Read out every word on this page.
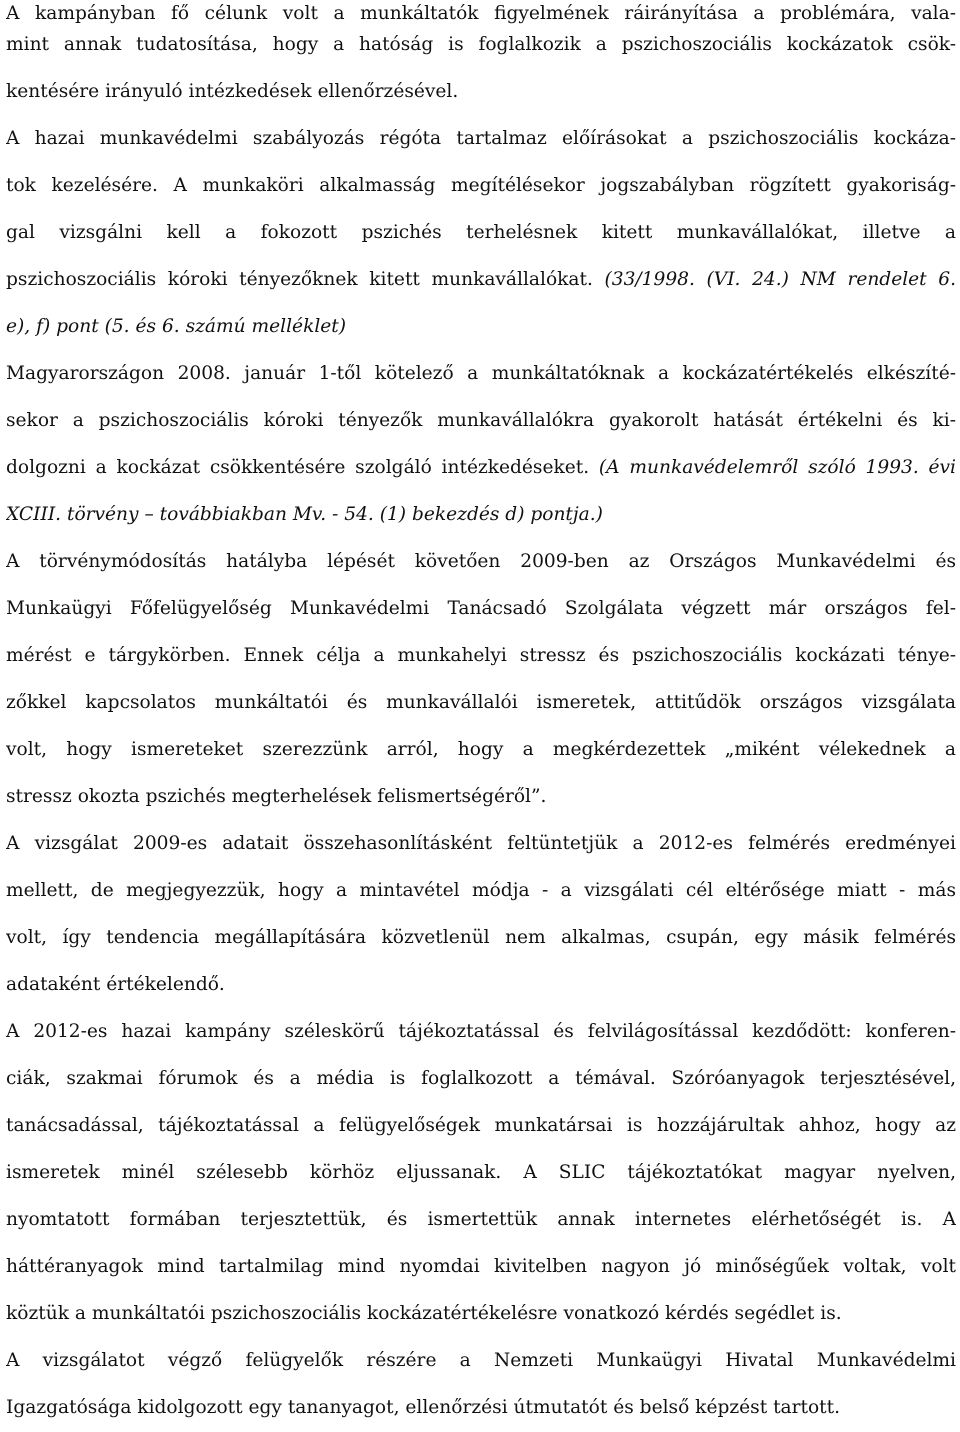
A kampányban fő célunk volt a munkáltatók figyelmének ráirányítása a problémára, vala-
mint annak tudatosítása, hogy a hatóság is foglalkozik a pszichoszociális kockázatok csök-
kentésére irányuló intézkedések ellenőrzésével.
A hazai munkavédelmi szabályozás régóta tartalmaz előírásokat a pszichoszociális kockáza-
tok kezelésére. A munkaköri alkalmasság megítélésekor jogszabályban rögzített gyakoriság-
gal vizsgálni kell a fokozott pszichés terhelésnek kitett munkavállalókat, illetve a
pszichoszociális kóroki tényezőknek kitett munkavállalókat. (33/1998. (VI. 24.) NM rendelet 6.
e), f) pont (5. és 6. számú melléklet)
Magyarországon 2008. január 1-től kötelező a munkáltatóknak a kockázatértékelés elkészíté-
sekor a pszichoszociális kóroki tényezők munkavállalókra gyakorolt hatását értékelni és ki-
dolgozni a kockázat csökkentésére szolgáló intézkedéseket. (A munkavédelemről szóló 1993. évi
XCIII. törvény – továbbiakban Mv. - 54. (1) bekezdés d) pontja.)
A törvénymódosítás hatályba lépését követően 2009-ben az Országos Munkavédelmi és
Munkaügyi Főfelügyelőség Munkavédelmi Tanácsadó Szolgálata végzett már országos fel-
mérést e tárgykörben. Ennek célja a munkahelyi stressz és pszichoszociális kockázati ténye-
zőkkel kapcsolatos munkáltatói és munkavállalói ismeretek, attitűdök országos vizsgálata
volt, hogy ismereteket szerezzünk arról, hogy a megkérdezettek „miként vélekednek a
stressz okozta pszichés megterhelések felismertségéről”.
A vizsgálat 2009-es adatait összehasonlításként feltüntetjük a 2012-es felmérés eredményei
mellett, de megjegyezzük, hogy a mintavétel módja - a vizsgálati cél eltérősége miatt - más
volt, így tendencia megállapítására közvetlenül nem alkalmas, csupán, egy másik felmérés
adataként értékelendő.
A 2012-es hazai kampány széleskörű tájékoztatással és felvilágosítással kezdődött: konferen-
ciák, szakmai fórumok és a média is foglalkozott a témával. Szóróanyagok terjesztésével,
tanácsadással, tájékoztatással a felügyelőségek munkatársai is hozzájárultak ahhoz, hogy az
ismeretek minél szélesebb körhöz eljussanak. A SLIC tájékoztatókat magyar nyelven,
nyomtatott formában terjesztettük, és ismertettük annak internetes elérhetőségét is. A
háttéranyagok mind tartalmilag mind nyomdai kivitelben nagyon jó minőségűek voltak, volt
köztük a munkáltatói pszichoszociális kockázatértékelésre vonatkozó kérdés segédlet is.
A vizsgálatot végző felügyelők részére a Nemzeti Munkaügyi Hivatal Munkavédelmi
Igazgatósága kidolgozott egy tananyagot, ellenőrzési útmutatót és belső képzést tartott.
